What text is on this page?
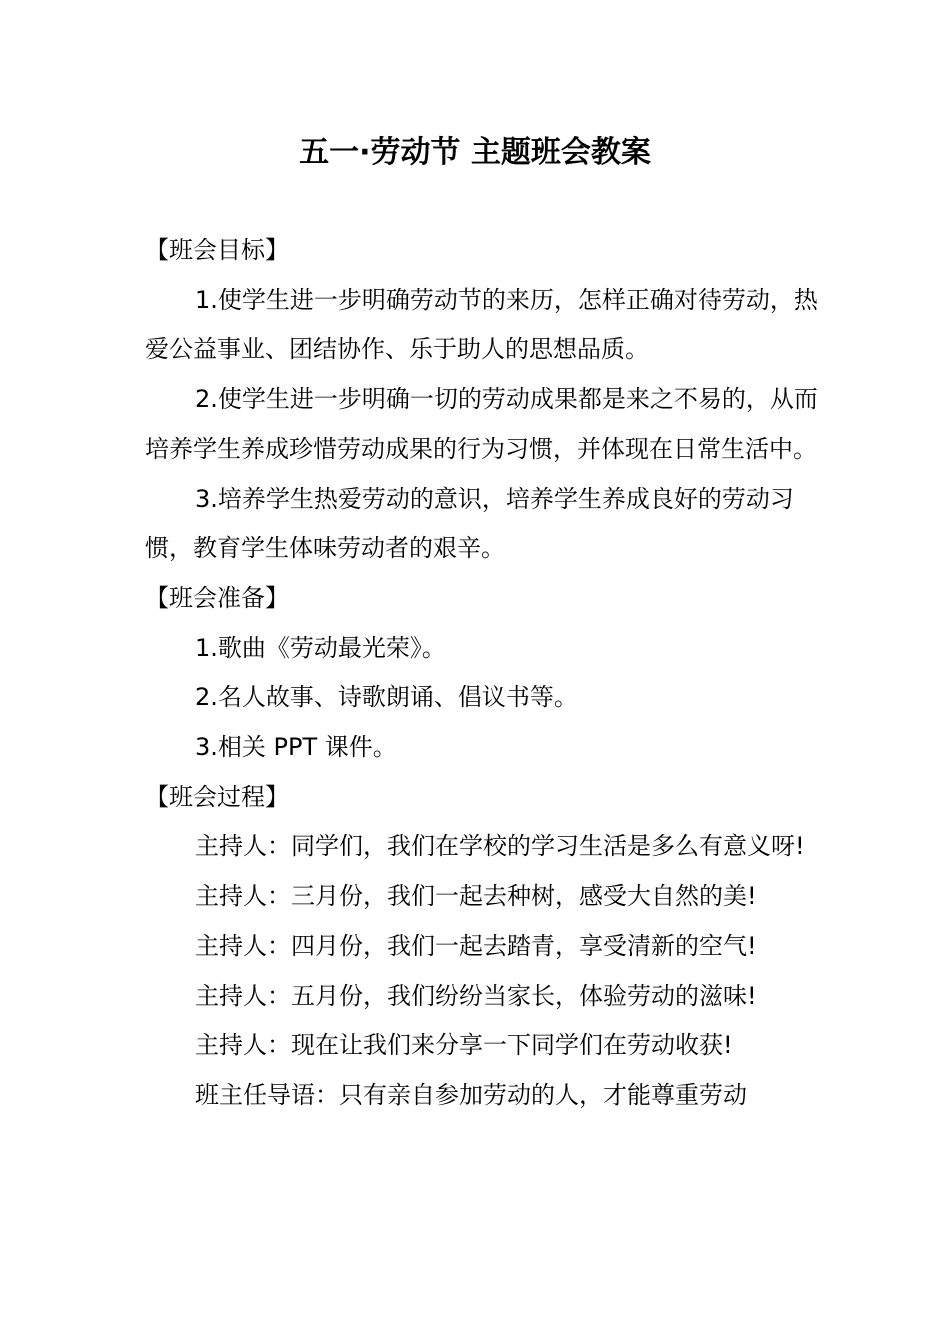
五一·劳动节 主题班会教案

【班会目标】

1.使学生进一步明确劳动节的来历，怎样正确对待劳动，热爱公益事业、团结协作、乐于助人的思想品质。

2.使学生进一步明确一切的劳动成果都是来之不易的，从而培养学生养成珍惜劳动成果的行为习惯，并体现在日常生活中。

3.培养学生热爱劳动的意识，培养学生养成良好的劳动习惯，教育学生体味劳动者的艰辛。

【班会准备】

1.歌曲《劳动最光荣》。

2.名人故事、诗歌朗诵、倡议书等。

3.相关 PPT 课件。

【班会过程】

主持人：同学们，我们在学校的学习生活是多么有意义呀!

主持人：三月份，我们一起去种树，感受大自然的美!

主持人：四月份，我们一起去踏青，享受清新的空气!

主持人：五月份，我们纷纷当家长，体验劳动的滋味!

主持人：现在让我们来分享一下同学们在劳动收获!

班主任导语：只有亲自参加劳动的人，才能尊重劳动
